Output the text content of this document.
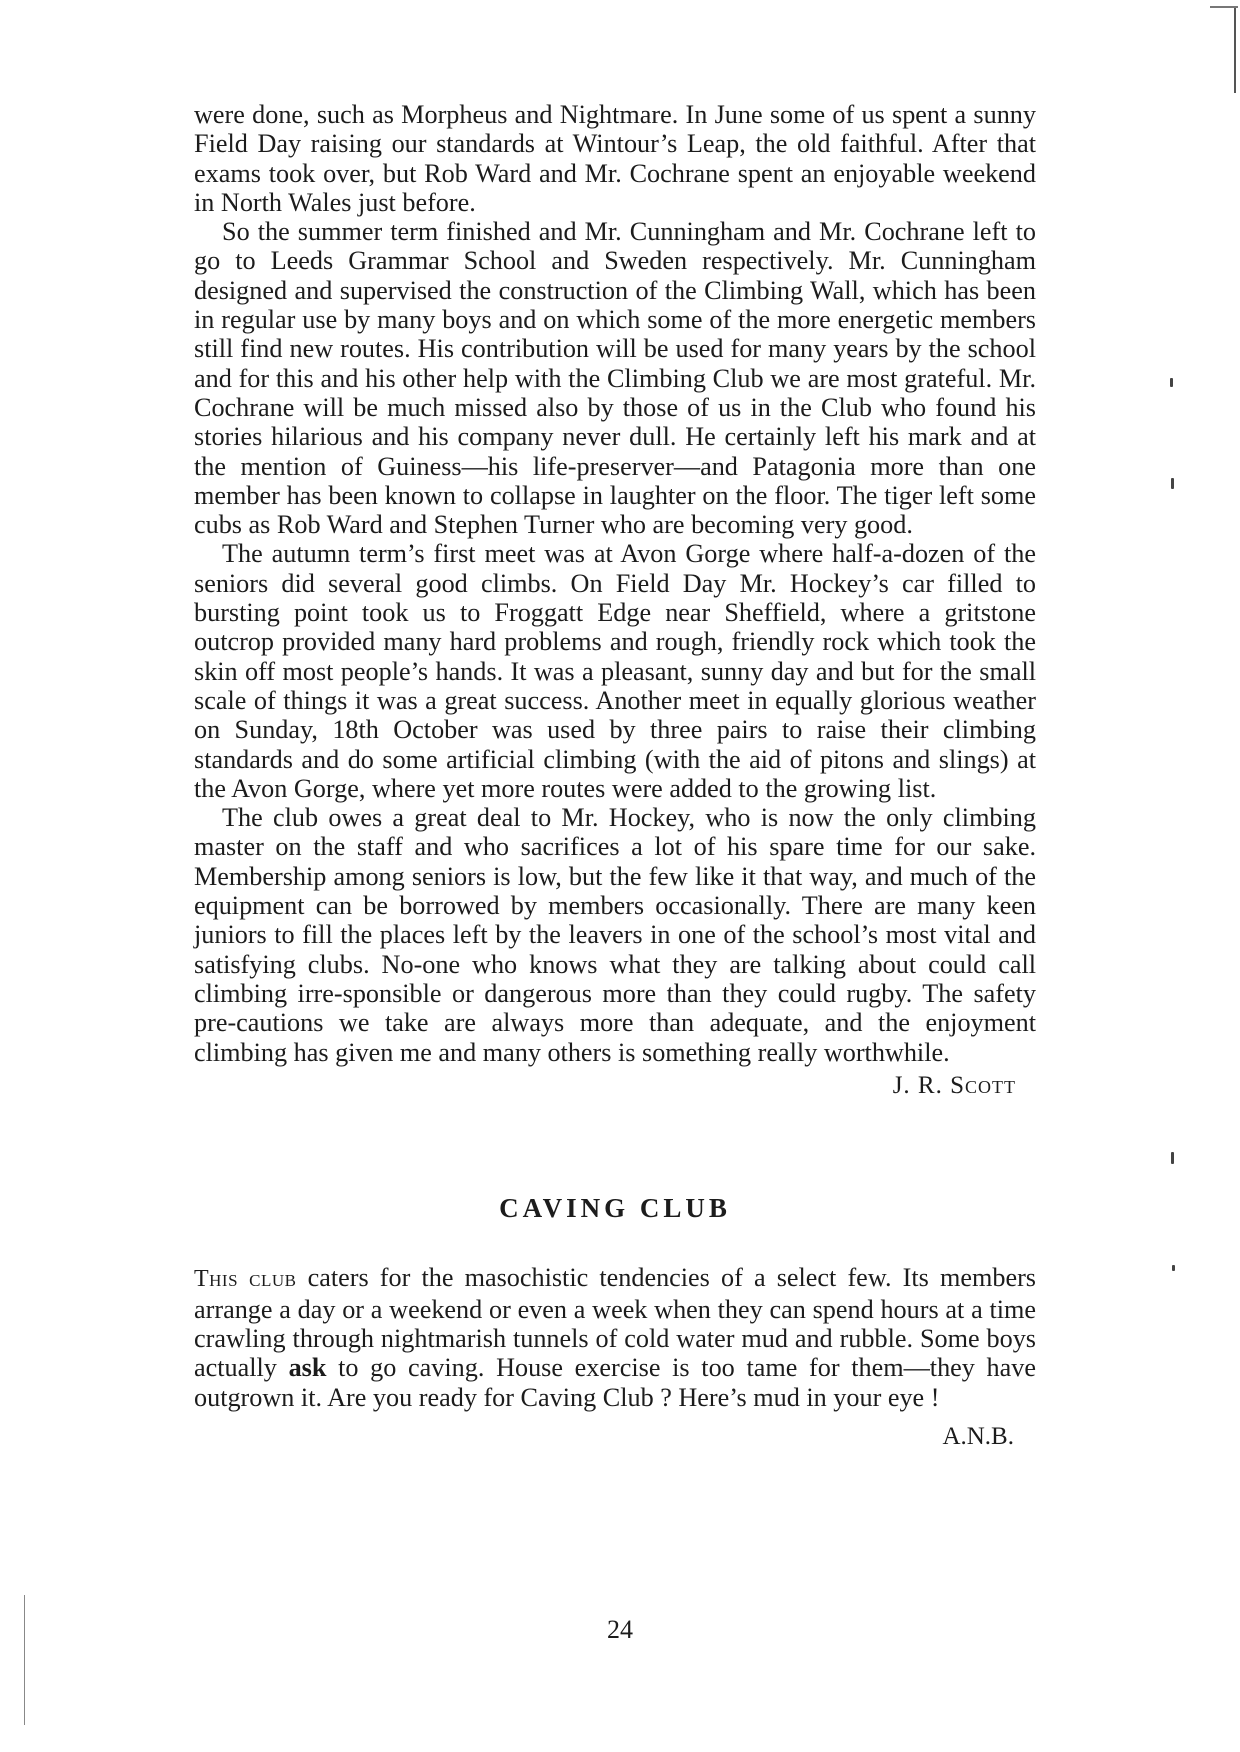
were done, such as Morpheus and Nightmare. In June some of us spent a sunny Field Day raising our standards at Wintour’s Leap, the old faithful. After that exams took over, but Rob Ward and Mr. Cochrane spent an enjoyable weekend in North Wales just before.

So the summer term finished and Mr. Cunningham and Mr. Cochrane left to go to Leeds Grammar School and Sweden respectively. Mr. Cunningham designed and supervised the construction of the Climbing Wall, which has been in regular use by many boys and on which some of the more energetic members still find new routes. His contribution will be used for many years by the school and for this and his other help with the Climbing Club we are most grateful. Mr. Cochrane will be much missed also by those of us in the Club who found his stories hilarious and his company never dull. He certainly left his mark and at the mention of Guiness—his life-preserver—and Patagonia more than one member has been known to collapse in laughter on the floor. The tiger left some cubs as Rob Ward and Stephen Turner who are becoming very good.

The autumn term’s first meet was at Avon Gorge where half-a-dozen of the seniors did several good climbs. On Field Day Mr. Hockey’s car filled to bursting point took us to Froggatt Edge near Sheffield, where a gritstone outcrop provided many hard problems and rough, friendly rock which took the skin off most people’s hands. It was a pleasant, sunny day and but for the small scale of things it was a great success. Another meet in equally glorious weather on Sunday, 18th October was used by three pairs to raise their climbing standards and do some artificial climbing (with the aid of pitons and slings) at the Avon Gorge, where yet more routes were added to the growing list.

The club owes a great deal to Mr. Hockey, who is now the only climbing master on the staff and who sacrifices a lot of his spare time for our sake. Membership among seniors is low, but the few like it that way, and much of the equipment can be borrowed by members occasionally. There are many keen juniors to fill the places left by the leavers in one of the school’s most vital and satisfying clubs. No-one who knows what they are talking about could call climbing irre-sponsible or dangerous more than they could rugby. The safety pre-cautions we take are always more than adequate, and the enjoyment climbing has given me and many others is something really worthwhile.

J. R. Scott

CAVING CLUB

This club caters for the masochistic tendencies of a select few. Its members arrange a day or a weekend or even a week when they can spend hours at a time crawling through nightmarish tunnels of cold water mud and rubble. Some boys actually ask to go caving. House exercise is too tame for them—they have outgrown it. Are you ready for Caving Club ? Here’s mud in your eye !

A.N.B.

24
